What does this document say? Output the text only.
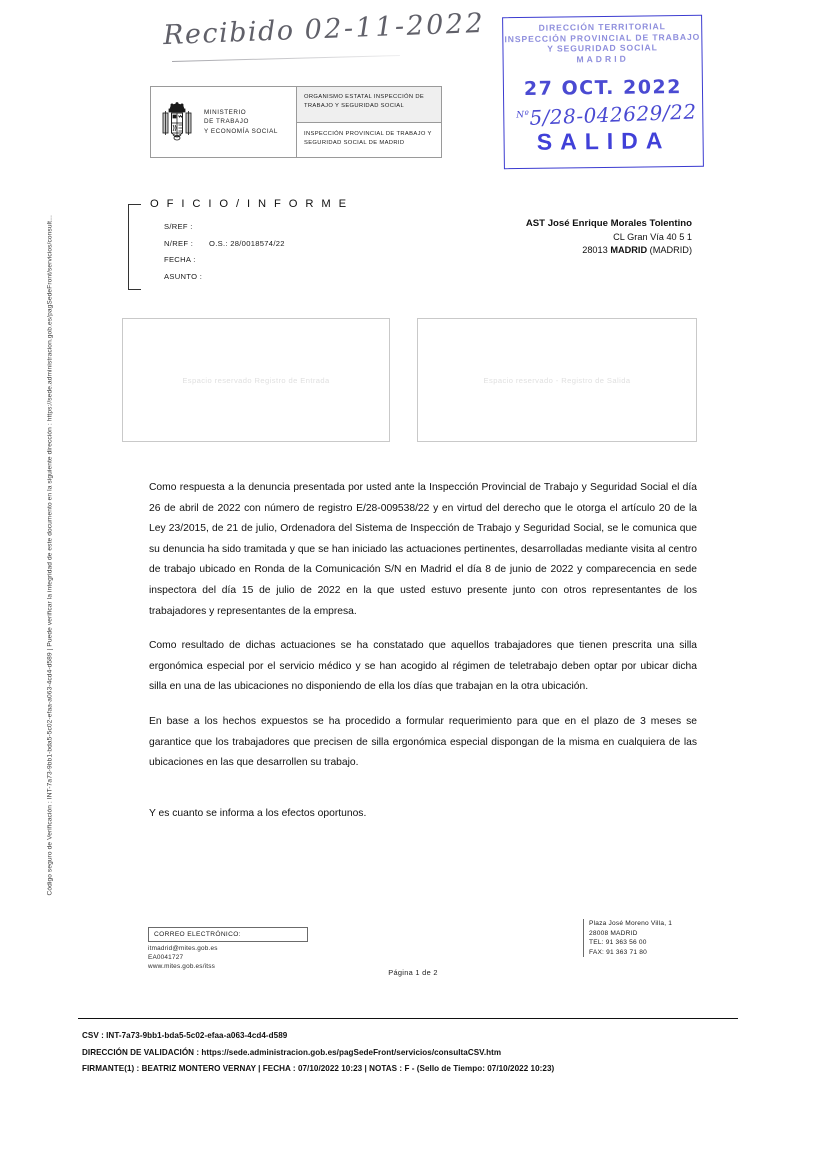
Código seguro de Verificación : INT-7a73-9bb1-bda5-5c02-efaa-a063-4cd4-d589 | Puede verificar la integridad de este documento en la siguiente dirección : https://sede.administracion.gob.es/pagSedeFront/servicios/consult...
Recibido 02-11-2022	DIRECCIÓN TERRITORIAL
INSPECCIÓN PROVINCIAL DE TRABAJO
Y SEGURIDAD SOCIAL
MADRID
27 OCT. 2022
$^{Nº}$5/28-042629/22
SALIDA
MINISTERIO
DE TRABAJO
Y ECONOMÍA SOCIAL
ORGANISMO ESTATAL INSPECCIÓN DE
TRABAJO Y SEGURIDAD SOCIAL
INSPECCIÓN PROVINCIAL DE TRABAJO Y
SEGURIDAD SOCIAL DE MADRID
O F I C I O / I N F O R M E
S/REF :
N/REF : O.S.: 28/0018574/22
FECHA :
ASUNTO :
AST José Enrique Morales Tolentino
CL Gran Vía 40 5 1
28013 MADRID (MADRID)
Espacio reservado Registro de Entrada	Espacio reservado - Registro de Salida

Como respuesta a la denuncia presentada por usted ante la Inspección Provincial de Trabajo y Seguridad Social el día 26 de abril de 2022 con número de registro E/28-009538/22 y en virtud del derecho que le otorga el artículo 20 de la Ley 23/2015, de 21 de julio, Ordenadora del Sistema de Inspección de Trabajo y Seguridad Social, se le comunica que su denuncia ha sido tramitada y que se han iniciado las actuaciones pertinentes, desarrolladas mediante visita al centro de trabajo ubicado en Ronda de la Comunicación S/N en Madrid el día 8 de junio de 2022 y comparecencia en sede inspectora del día 15 de julio de 2022 en la que usted estuvo presente junto con otros representantes de los trabajadores y representantes de la empresa.

Como resultado de dichas actuaciones se ha constatado que aquellos trabajadores que tienen prescrita una silla ergonómica especial por el servicio médico y se han acogido al régimen de teletrabajo deben optar por ubicar dicha silla en una de las ubicaciones no disponiendo de ella los días que trabajan en la otra ubicación.

En base a los hechos expuestos se ha procedido a formular requerimiento para que en el plazo de 3 meses se garantice que los trabajadores que precisen de silla ergonómica especial dispongan de la misma en cualquiera de las ubicaciones en las que desarrollen su trabajo.

Y es cuanto se informa a los efectos oportunos.

CORREO ELECTRÓNICO:
itmadrid@mites.gob.es
EA0041727
www.mites.gob.es/itss
Plaza José Moreno Villa, 1
28008 MADRID
TEL: 91 363 56 00
FAX: 91 363 71 80
Página 1 de 2
CSV : INT-7a73-9bb1-bda5-5c02-efaa-a063-4cd4-d589
DIRECCIÓN DE VALIDACIÓN : https://sede.administracion.gob.es/pagSedeFront/servicios/consultaCSV.htm
FIRMANTE(1) : BEATRIZ MONTERO VERNAY | FECHA : 07/10/2022 10:23 | NOTAS : F - (Sello de Tiempo: 07/10/2022 10:23)
